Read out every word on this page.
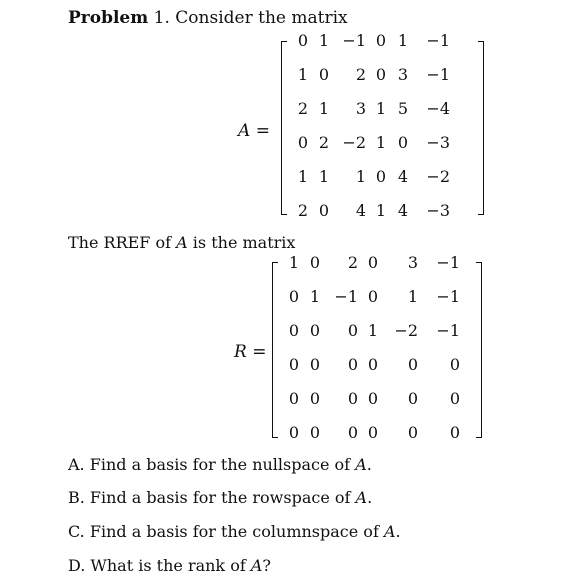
Problem 1. Consider the matrix
A =
0	1	−1	0	1	−1
1	0	2	0	3	−1
2	1	3	1	5	−4
0	2	−2	1	0	−3
1	1	1	0	4	−2
2	0	4	1	4	−3
The RREF of A is the matrix
R =
1	0	2	0	3	−1
0	1	−1	0	1	−1
0	0	0	1	−2	−1
0	0	0	0	0	0
0	0	0	0	0	0
0	0	0	0	0	0
A. Find a basis for the nullspace of A.
B. Find a basis for the rowspace of A.
C. Find a basis for the columnspace of A.
D. What is the rank of A?
